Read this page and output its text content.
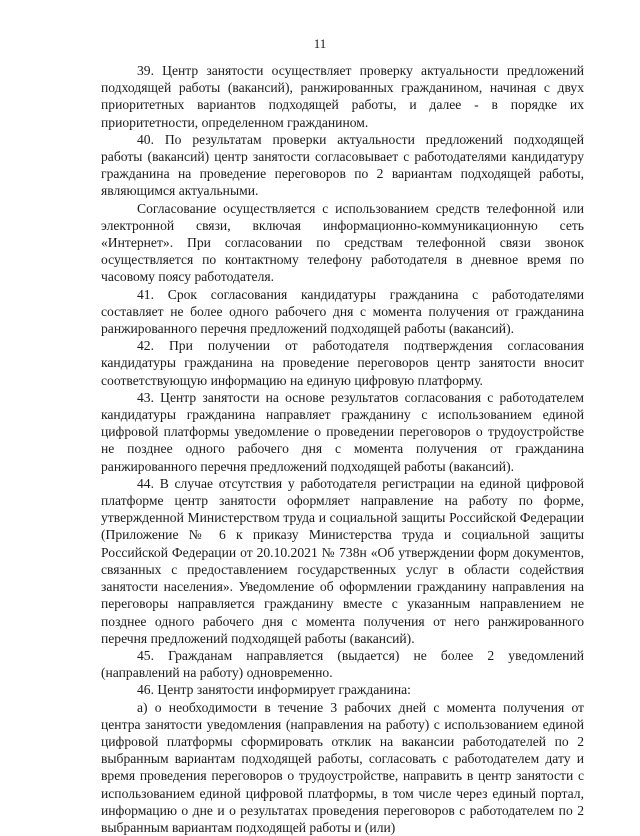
11

39. Центр занятости осуществляет проверку актуальности предложений подходящей работы (вакансий), ранжированных гражданином, начиная с двух приоритетных вариантов подходящей работы, и далее - в порядке их приоритетности, определенном гражданином.

40. По результатам проверки актуальности предложений подходящей работы (вакансий) центр занятости согласовывает с работодателями кандидатуру гражданина на проведение переговоров по 2 вариантам подходящей работы, являющимся актуальными.

Согласование осуществляется с использованием средств телефонной или электронной связи, включая информационно-коммуникационную сеть «Интернет». При согласовании по средствам телефонной связи звонок осуществляется по контактному телефону работодателя в дневное время по часовому поясу работодателя.

41. Срок согласования кандидатуры гражданина с работодателями составляет не более одного рабочего дня с момента получения от гражданина ранжированного перечня предложений подходящей работы (вакансий).

42. При получении от работодателя подтверждения согласования кандидатуры гражданина на проведение переговоров центр занятости вносит соответствующую информацию на единую цифровую платформу.

43. Центр занятости на основе результатов согласования с работодателем кандидатуры гражданина направляет гражданину с использованием единой цифровой платформы уведомление о проведении переговоров о трудоустройстве не позднее одного рабочего дня с момента получения от гражданина ранжированного перечня предложений подходящей работы (вакансий).

44. В случае отсутствия у работодателя регистрации на единой цифровой платформе центр занятости оформляет направление на работу по форме, утвержденной Министерством труда и социальной защиты Российской Федерации (Приложение № 6 к приказу Министерства труда и социальной защиты Российской Федерации от 20.10.2021 № 738н «Об утверждении форм документов, связанных с предоставлением государственных услуг в области содействия занятости населения». Уведомление об оформлении гражданину направления на переговоры направляется гражданину вместе с указанным направлением не позднее одного рабочего дня с момента получения от него ранжированного перечня предложений подходящей работы (вакансий).

45. Гражданам направляется (выдается) не более 2 уведомлений (направлений на работу) одновременно.

46. Центр занятости информирует гражданина:

а) о необходимости в течение 3 рабочих дней с момента получения от центра занятости уведомления (направления на работу) с использованием единой цифровой платформы сформировать отклик на вакансии работодателей по 2 выбранным вариантам подходящей работы, согласовать с работодателем дату и время проведения переговоров о трудоустройстве, направить в центр занятости с использованием единой цифровой платформы, в том числе через единый портал, информацию о дне и о результатах проведения переговоров с работодателем по 2 выбранным вариантам подходящей работы и (или)
